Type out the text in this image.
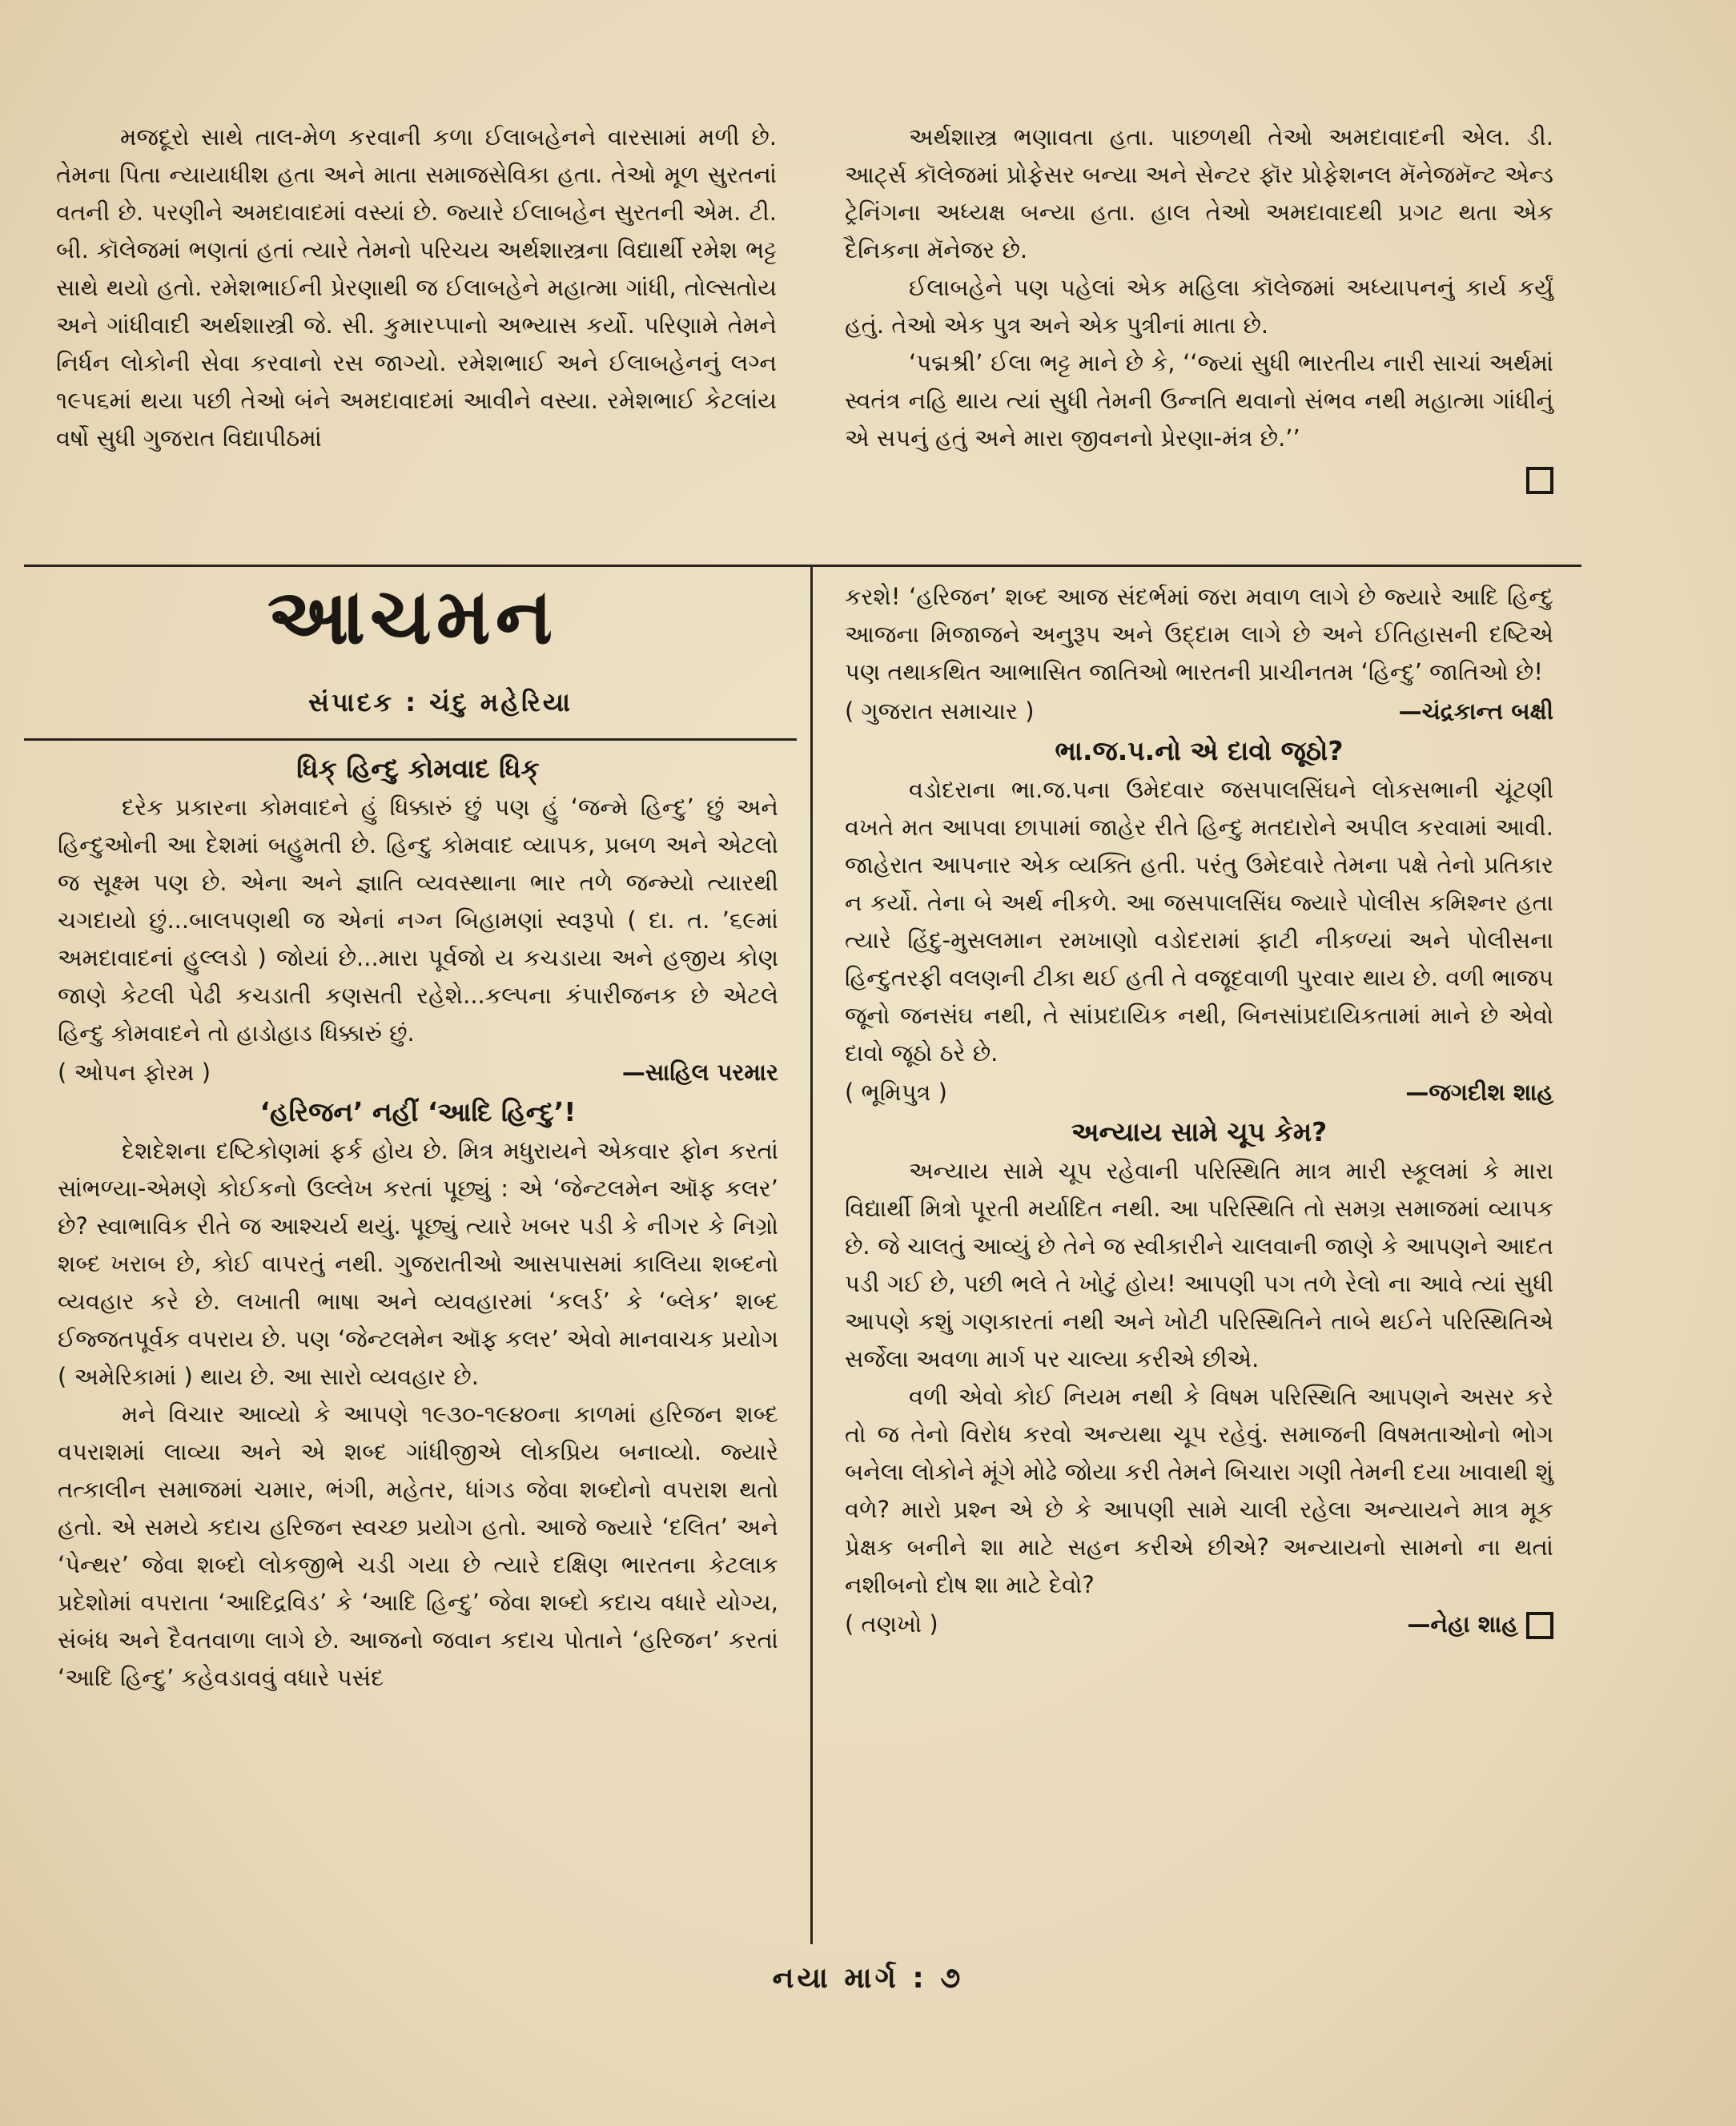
મજદૂરો સાથે તાલ-મેળ કરવાની કળા ઈલાબહેનને વારસામાં મળી છે. તેમના પિતા ન્યાયાધીશ હતા અને માતા સમાજસેવિકા હતા. તેઓ મૂળ સુરતનાં વતની છે. પરણીને અમદાવાદમાં વસ્યાં છે. જ્યારે ઈલાબહેન સુરતની એમ. ટી. બી. કૉલેજમાં ભણતાં હતાં ત્યારે તેમનો પરિચય અર્થશાસ્ત્રના વિદ્યાર્થી રમેશ ભટ્ટ સાથે થયો હતો. રમેશભાઈની પ્રેરણાથી જ ઈલાબહેને મહાત્મા ગાંધી, તોલ્સતોય અને ગાંધીવાદી અર્થશાસ્ત્રી જે. સી. કુમારપ્પાનો અભ્યાસ કર્યો. પરિણામે તેમને નિર્ધન લોકોની સેવા કરવાનો રસ જાગ્યો. રમેશભાઈ અને ઈલાબહેનનું લગ્ન ૧૯૫૬માં થયા પછી તેઓ બંને અમદાવાદમાં આવીને વસ્યા. રમેશભાઈ કેટલાંય વર્ષો સુધી ગુજરાત વિદ્યાપીઠમાં

અર્થશાસ્ત્ર ભણાવતા હતા. પાછળથી તેઓ અમદાવાદની એલ. ડી. આર્ટ્સ કૉલેજમાં પ્રોફેસર બન્યા અને સેન્ટર ફૉર પ્રોફેશનલ મૅનેજમૅન્ટ એન્ડ ટ્રેનિંગના અધ્યક્ષ બન્યા હતા. હાલ તેઓ અમદાવાદથી પ્રગટ થતા એક દૈનિકના મૅનેજર છે.

ઈલાબહેને પણ પહેલાં એક મહિલા કૉલેજમાં અધ્યાપનનું કાર્ય કર્યું હતું. તેઓ એક પુત્ર અને એક પુત્રીનાં માતા છે.

‘પદ્મશ્રી’ ઈલા ભટ્ટ માને છે કે, ‘‘જ્યાં સુધી ભારતીય નારી સાચાં અર્થમાં સ્વતંત્ર નહિ થાય ત્યાં સુધી તેમની ઉન્નતિ થવાનો સંભવ નથી મહાત્મા ગાંધીનું એ સપનું હતું અને મારા જીવનનો પ્રેરણા-મંત્ર છે.’’

આચમન
સંપાદક : ચંદુ મહેરિયા
ધિક્ હિન્દુ કોમવાદ ધિક્

દરેક પ્રકારના કોમવાદને હું ધિક્કારું છું પણ હું ‘જન્મે હિન્દુ’ છું અને હિન્દુઓની આ દેશમાં બહુમતી છે. હિન્દુ કોમવાદ વ્યાપક, પ્રબળ અને એટલો જ સૂક્ષ્મ પણ છે. એના અને જ્ઞાતિ વ્યવસ્થાના ભાર તળે જન્મ્યો ત્યારથી ચગદાયો છું...બાલપણથી જ એનાં નગ્ન બિહામણાં સ્વરૂપો ( દા. ત. ’૬૯માં અમદાવાદનાં હુલ્લડો ) જોયાં છે...મારા પૂર્વજો ય કચડાયા અને હજીય કોણ જાણે કેટલી પેઢી કચડાતી કણસતી રહેશે...કલ્પના કંપારીજનક છે એટલે હિન્દુ કોમવાદને તો હાડોહાડ ધિક્કારું છું.

( ઓપન ફોરમ )	—સાહિલ પરમાર
‘હરિજન’ નહીં ‘આદિ હિન્દુ’!

દેશદેશના દષ્ટિકોણમાં ફર્ક હોય છે. મિત્ર મધુરાયને એકવાર ફોન કરતાં સાંભળ્યા-એમણે કોઈકનો ઉલ્લેખ કરતાં પૂછ્યું : એ ‘જેન્ટલમેન ઑફ કલર’ છે? સ્વાભાવિક રીતે જ આશ્ચર્ય થયું. પૂછ્યું ત્યારે ખબર પડી કે નીગર કે નિગ્રો શબ્દ ખરાબ છે, કોઈ વાપરતું નથી. ગુજરાતીઓ આસપાસમાં કાલિયા શબ્દનો વ્યવહાર કરે છે. લખાતી ભાષા અને વ્યવહારમાં ‘કલર્ડ’ કે ‘બ્લેક’ શબ્દ ઈજ્જતપૂર્વક વપરાય છે. પણ ‘જેન્ટલમેન ઑફ કલર’ એવો માનવાચક પ્રયોગ ( અમેરિકામાં ) થાય છે. આ સારો વ્યવહાર છે.

મને વિચાર આવ્યો કે આપણે ૧૯૩૦-૧૯૪૦ના કાળમાં હરિજન શબ્દ વપરાશમાં લાવ્યા અને એ શબ્દ ગાંધીજીએ લોકપ્રિય બનાવ્યો. જ્યારે તત્કાલીન સમાજમાં ચમાર, ભંગી, મહેતર, ધાંગડ જેવા શબ્દોનો વપરાશ થતો હતો. એ સમયે કદાચ હરિજન સ્વચ્છ પ્રયોગ હતો. આજે જ્યારે ‘દલિત’ અને ‘પેન્થર’ જેવા શબ્દો લોકજીભે ચડી ગયા છે ત્યારે દક્ષિણ ભારતના કેટલાક પ્રદેશોમાં વપરાતા ‘આદિદ્રવિડ’ કે ‘આદિ હિન્દુ’ જેવા શબ્દો કદાચ વધારે યોગ્ય, સંબંધ અને દૈવતવાળા લાગે છે. આજનો જવાન કદાચ પોતાને ‘હરિજન’ કરતાં ‘આદિ હિન્દુ’ કહેવડાવવું વધારે પસંદ

કરશે! ‘હરિજન’ શબ્દ આજ સંદર્ભમાં જરા મવાળ લાગે છે જ્યારે આદિ હિન્દુ આજના મિજાજને અનુરૂપ અને ઉદ્દામ લાગે છે અને ઈતિહાસની દષ્ટિએ પણ તથાકથિત આભાસિત જાતિઓ ભારતની પ્રાચીનતમ ‘હિન્દુ’ જાતિઓ છે!

( ગુજરાત સમાચાર )	—ચંદ્રકાન્ત બક્ષી
ભા.જ.પ.નો એ દાવો જૂઠો?

વડોદરાના ભા.જ.પના ઉમેદવાર જસપાલસિંઘને લોકસભાની ચૂંટણી વખતે મત આપવા છાપામાં જાહેર રીતે હિન્દુ મતદારોને અપીલ કરવામાં આવી. જાહેરાત આપનાર એક વ્યક્તિ હતી. પરંતુ ઉમેદવારે તેમના પક્ષે તેનો પ્રતિકાર ન કર્યો. તેના બે અર્થ નીકળે. આ જસપાલસિંઘ જ્યારે પોલીસ કમિશ્નર હતા ત્યારે હિંદુ-મુસલમાન રમખાણો વડોદરામાં ફાટી નીકળ્યાં અને પોલીસના હિન્દુતરફી વલણની ટીકા થઈ હતી તે વજૂદવાળી પુરવાર થાય છે. વળી ભાજપ જૂનો જનસંઘ નથી, તે સાંપ્રદાયિક નથી, બિનસાંપ્રદાયિકતામાં માને છે એવો દાવો જૂઠો ઠરે છે.

( ભૂમિપુત્ર )	—જગદીશ શાહ
અન્યાય સામે ચૂપ કેમ?

અન્યાય સામે ચૂપ રહેવાની પરિસ્થિતિ માત્ર મારી સ્કૂલમાં કે મારા વિદ્યાર્થી મિત્રો પૂરતી મર્યાદિત નથી. આ પરિસ્થિતિ તો સમગ્ર સમાજમાં વ્યાપક છે. જે ચાલતું આવ્યું છે તેને જ સ્વીકારીને ચાલવાની જાણે કે આપણને આદત પડી ગઈ છે, પછી ભલે તે ખોટું હોય! આપણી પગ તળે રેલો ના આવે ત્યાં સુધી આપણે કશું ગણકારતાં નથી અને ખોટી પરિસ્થિતિને તાબે થઈને પરિસ્થિતિએ સર્જેલા અવળા માર્ગ પર ચાલ્યા કરીએ છીએ.

વળી એવો કોઈ નિયમ નથી કે વિષમ પરિસ્થિતિ આપણને અસર કરે તો જ તેનો વિરોધ કરવો અન્યથા ચૂપ રહેવું. સમાજની વિષમતાઓનો ભોગ બનેલા લોકોને મૂંગે મોઢે જોયા કરી તેમને બિચારા ગણી તેમની દયા ખાવાથી શું વળે? મારો પ્રશ્ન એ છે કે આપણી સામે ચાલી રહેલા અન્યાયને માત્ર મૂક પ્રેક્ષક બનીને શા માટે સહન કરીએ છીએ? અન્યાયનો સામનો ના થતાં નશીબનો દોષ શા માટે દેવો?

( તણખો )	—નેહા શાહ
નયા માર્ગ : ૭
